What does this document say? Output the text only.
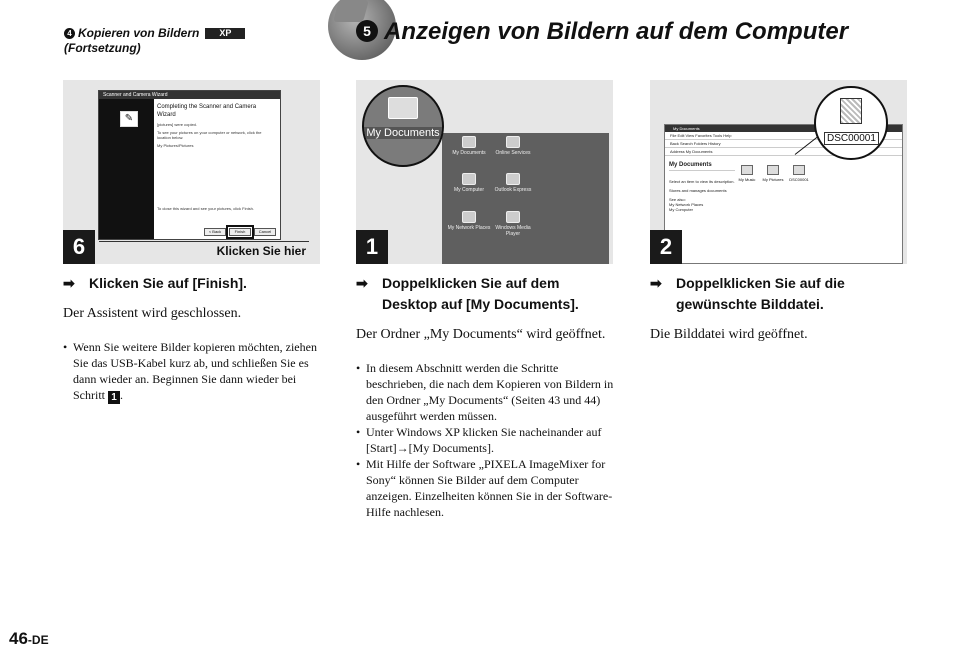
4 Kopieren von Bildern XP
(Fortsetzung)
5 Anzeigen von Bildern auf dem Computer
Scanner and Camera Wizard
✎
Completing the Scanner and Camera Wizard
[pictures] were copied.
To see your pictures on your computer or network, click the location below.
My Pictures\Pictures
To close this wizard and see your pictures, click Finish.
< Back	Finish	Cancel
Klicken Sie hier
6
My Documents	Online Services
My Computer	Outlook Express
My Network Places Windows Media Player
My Documents
1
My Documents
File Edit View Favorites Tools Help
Back Search Folders History
Address My Documents
My Documents
Select an item to view its description.
Stores and manages documents
See also:
My Network Places
My Computer
My Music	My Pictures	DSC00001
DSC00001
2
➡ Klicken Sie auf [Finish].

Der Assistent wird geschlossen.

• Wenn Sie weitere Bilder kopieren möchten, ziehen Sie das USB-Kabel kurz ab, und schließen Sie es dann wieder an. Beginnen Sie dann wieder bei Schritt 1 .
➡ Doppelklicken Sie auf dem Desktop auf [My Documents].

Der Ordner „My Documents“ wird geöffnet.

• In diesem Abschnitt werden die Schritte beschrieben, die nach dem Kopieren von Bildern in den Ordner „My Documents“ (Seiten 43 und 44) ausgeführt werden müssen.
• Unter Windows XP klicken Sie nacheinander auf [Start]→[My Documents].
• Mit Hilfe der Software „PIXELA ImageMixer for Sony“ können Sie Bilder auf dem Computer anzeigen. Einzelheiten können Sie in der Software-Hilfe nachlesen.
➡ Doppelklicken Sie auf die gewünschte Bilddatei.

Die Bilddatei wird geöffnet.

46-DE
